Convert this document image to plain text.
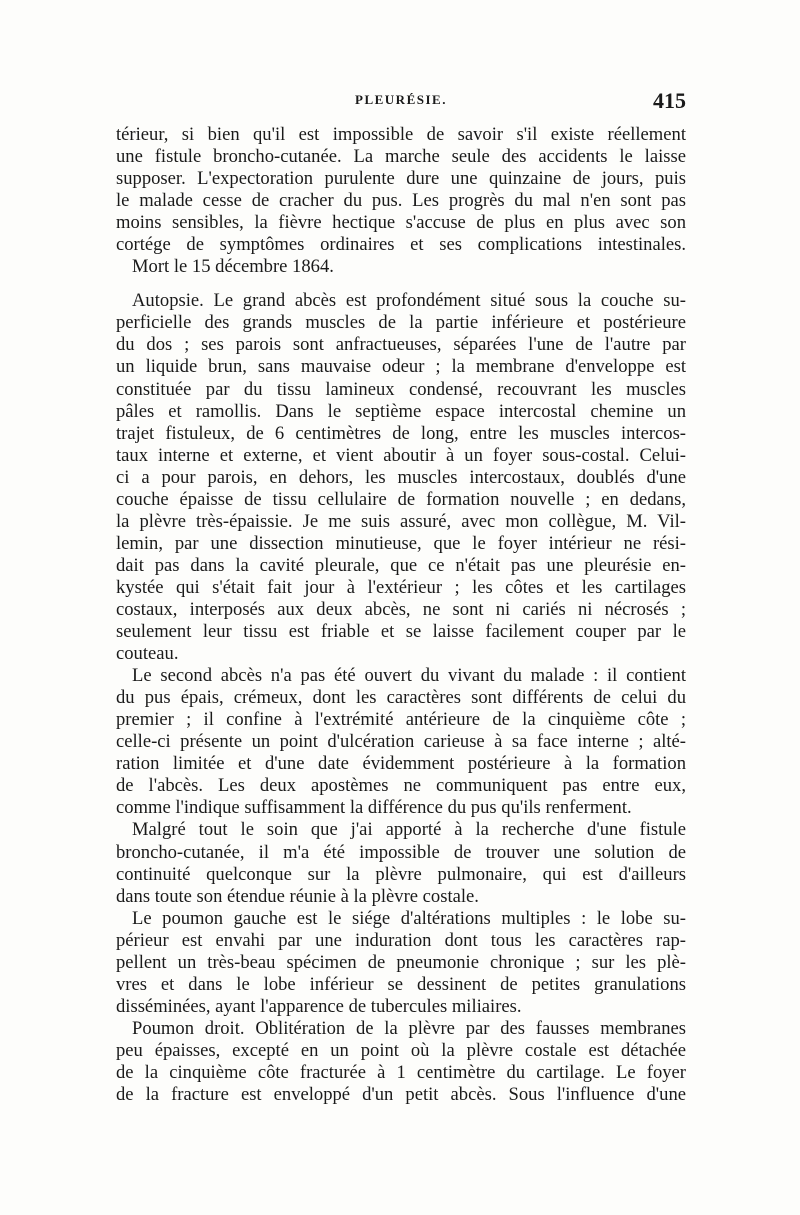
PLEURÉSIE.	415
térieur, si bien qu'il est impossible de savoir s'il existe réellement
une fistule broncho-cutanée. La marche seule des accidents le laisse
supposer. L'expectoration purulente dure une quinzaine de jours, puis
le malade cesse de cracher du pus. Les progrès du mal n'en sont pas
moins sensibles, la fièvre hectique s'accuse de plus en plus avec son
cortége de symptômes ordinaires et ses complications intestinales.
Mort le 15 décembre 1864.
Autopsie. Le grand abcès est profondément situé sous la couche su-
perficielle des grands muscles de la partie inférieure et postérieure
du dos ; ses parois sont anfractueuses, séparées l'une de l'autre par
un liquide brun, sans mauvaise odeur ; la membrane d'enveloppe est
constituée par du tissu lamineux condensé, recouvrant les muscles
pâles et ramollis. Dans le septième espace intercostal chemine un
trajet fistuleux, de 6 centimètres de long, entre les muscles intercos-
taux interne et externe, et vient aboutir à un foyer sous-costal. Celui-
ci a pour parois, en dehors, les muscles intercostaux, doublés d'une
couche épaisse de tissu cellulaire de formation nouvelle ; en dedans,
la plèvre très-épaissie. Je me suis assuré, avec mon collègue, M. Vil-
lemin, par une dissection minutieuse, que le foyer intérieur ne rési-
dait pas dans la cavité pleurale, que ce n'était pas une pleurésie en-
kystée qui s'était fait jour à l'extérieur ; les côtes et les cartilages
costaux, interposés aux deux abcès, ne sont ni cariés ni nécrosés ;
seulement leur tissu est friable et se laisse facilement couper par le
couteau.
Le second abcès n'a pas été ouvert du vivant du malade : il contient
du pus épais, crémeux, dont les caractères sont différents de celui du
premier ; il confine à l'extrémité antérieure de la cinquième côte ;
celle-ci présente un point d'ulcération carieuse à sa face interne ; alté-
ration limitée et d'une date évidemment postérieure à la formation
de l'abcès. Les deux apostèmes ne communiquent pas entre eux,
comme l'indique suffisamment la différence du pus qu'ils renferment.
Malgré tout le soin que j'ai apporté à la recherche d'une fistule
broncho-cutanée, il m'a été impossible de trouver une solution de
continuité quelconque sur la plèvre pulmonaire, qui est d'ailleurs
dans toute son étendue réunie à la plèvre costale.
Le poumon gauche est le siége d'altérations multiples : le lobe su-
périeur est envahi par une induration dont tous les caractères rap-
pellent un très-beau spécimen de pneumonie chronique ; sur les plè-
vres et dans le lobe inférieur se dessinent de petites granulations
disséminées, ayant l'apparence de tubercules miliaires.
Poumon droit. Oblitération de la plèvre par des fausses membranes
peu épaisses, excepté en un point où la plèvre costale est détachée
de la cinquième côte fracturée à 1 centimètre du cartilage. Le foyer
de la fracture est enveloppé d'un petit abcès. Sous l'influence d'une
